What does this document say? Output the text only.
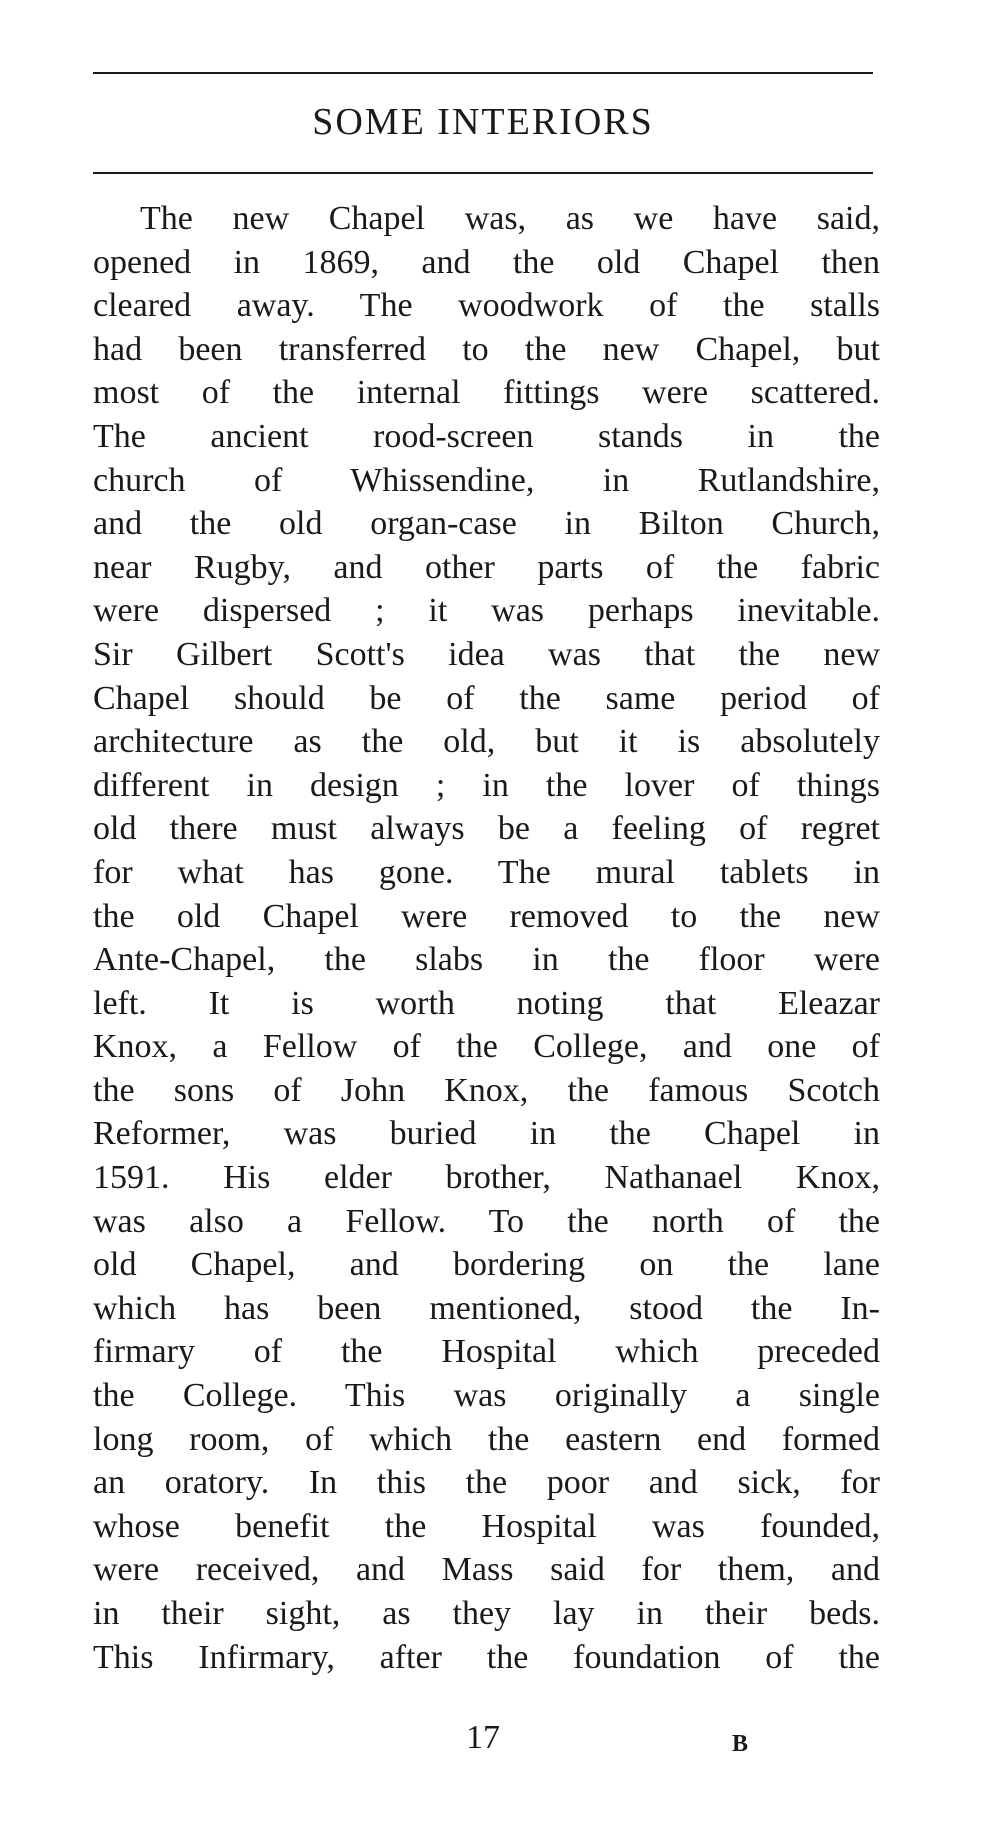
SOME INTERIORS
The new Chapel was, as we have said,
opened in 1869, and the old Chapel then
cleared away. The woodwork of the stalls
had been transferred to the new Chapel, but
most of the internal fittings were scattered.
The ancient rood-screen stands in the
church of Whissendine, in Rutlandshire,
and the old organ-case in Bilton Church,
near Rugby, and other parts of the fabric
were dispersed ; it was perhaps inevitable.
Sir Gilbert Scott's idea was that the new
Chapel should be of the same period of
architecture as the old, but it is absolutely
different in design ; in the lover of things
old there must always be a feeling of regret
for what has gone. The mural tablets in
the old Chapel were removed to the new
Ante-Chapel, the slabs in the floor were
left. It is worth noting that Eleazar
Knox, a Fellow of the College, and one of
the sons of John Knox, the famous Scotch
Reformer, was buried in the Chapel in
1591. His elder brother, Nathanael Knox,
was also a Fellow. To the north of the
old Chapel, and bordering on the lane
which has been mentioned, stood the In-
firmary of the Hospital which preceded
the College. This was originally a single
long room, of which the eastern end formed
an oratory. In this the poor and sick, for
whose benefit the Hospital was founded,
were received, and Mass said for them, and
in their sight, as they lay in their beds.
This Infirmary, after the foundation of the
17	B
